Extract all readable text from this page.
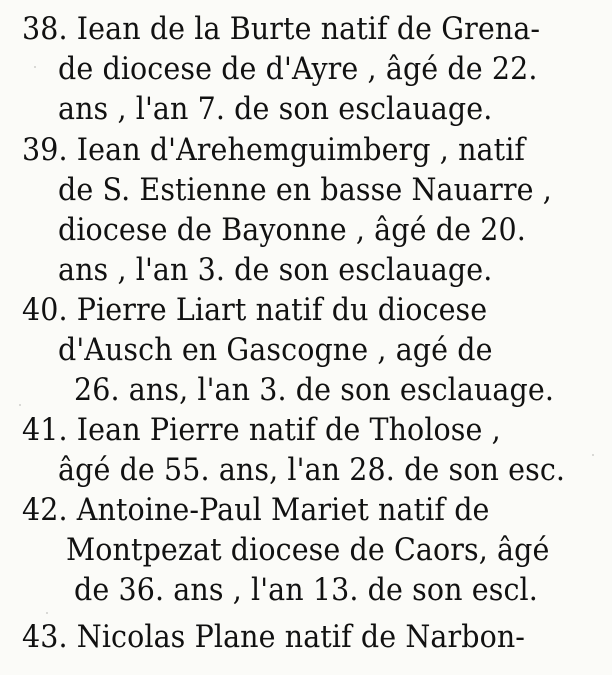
38. Iean de la Burte natif de Grena-
de diocese de d'Ayre , âgé de 22.
ans , l'an 7. de son esclauage.
39. Iean d'Arehemguimberg , natif
de S. Estienne en basse Nauarre ,
diocese de Bayonne , âgé de 20.
ans , l'an 3. de son esclauage.
40. Pierre Liart natif du diocese
d'Ausch en Gascogne , agé de
26. ans, l'an 3. de son esclauage.
41. Iean Pierre natif de Tholose ,
âgé de 55. ans, l'an 28. de son esc.
42. Antoine-Paul Mariet natif de
Montpezat diocese de Caors, âgé
de 36. ans , l'an 13. de son escl.
43. Nicolas Plane natif de Narbon-
